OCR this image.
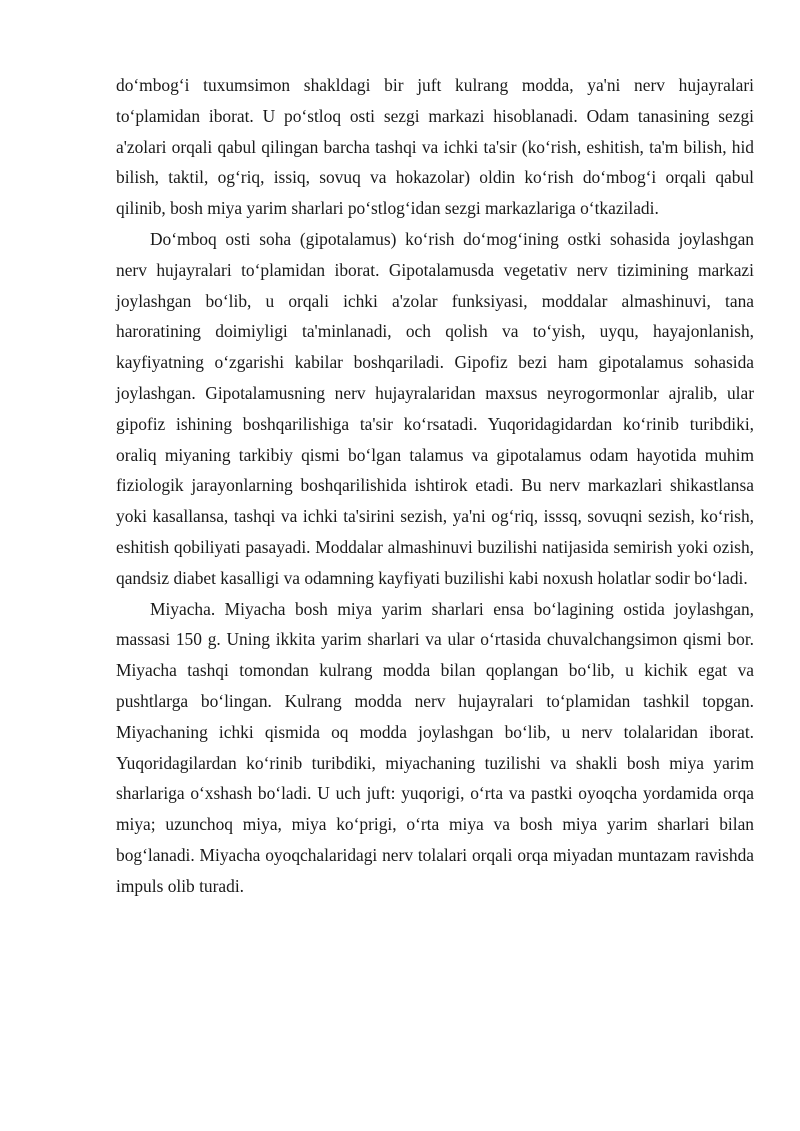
do‘mbog‘i tuxumsimon shakldagi bir juft kulrang modda, ya'ni nerv hujayralari to‘plamidan iborat. U po‘stloq osti sezgi markazi hisoblanadi. Odam tanasining sezgi a'zolari orqali qabul qilingan barcha tashqi va ichki ta'sir (ko‘rish, eshitish, ta'm bilish, hid bilish, taktil, og‘riq, issiq, sovuq va hokazolar) oldin ko‘rish do‘mbog‘i orqali qabul qilinib, bosh miya yarim sharlari po‘stlog‘idan sezgi markazlariga o‘tkaziladi.

Do‘mboq osti soha (gipotalamus) ko‘rish do‘mog‘ining ostki sohasida joylashgan nerv hujayralari to‘plamidan iborat. Gipotalamusda vegetativ nerv tizimining markazi joylashgan bo‘lib, u orqali ichki a'zolar funksiyasi, moddalar almashinuvi, tana haroratining doimiyligi ta'minlanadi, och qolish va to‘yish, uyqu, hayajonlanish, kayfiyatning o‘zgarishi kabilar boshqariladi. Gipofiz bezi ham gipotalamus sohasida joylashgan. Gipotalamusning nerv hujayralaridan maxsus neyrogormonlar ajralib, ular gipofiz ishining boshqarilishiga ta'sir ko‘rsatadi. Yuqoridagidardan ko‘rinib turibdiki, oraliq miyaning tarkibiy qismi bo‘lgan talamus va gipotalamus odam hayotida muhim fiziologik jarayonlarning boshqarilishida ishtirok etadi. Bu nerv markazlari shikastlansa yoki kasallansa, tashqi va ichki ta'sirini sezish, ya'ni og‘riq, isssq, sovuqni sezish, ko‘rish, eshitish qobiliyati pasayadi. Moddalar almashinuvi buzilishi natijasida semirish yoki ozish, qandsiz diabet kasalligi va odamning kayfiyati buzilishi kabi noxush holatlar sodir bo‘ladi.

Miyacha. Miyacha bosh miya yarim sharlari ensa bo‘lagining ostida joylashgan, massasi 150 g. Uning ikkita yarim sharlari va ular o‘rtasida chuvalchangsimon qismi bor. Miyacha tashqi tomondan kulrang modda bilan qoplangan bo‘lib, u kichik egat va pushtlarga bo‘lingan. Kulrang modda nerv hujayralari to‘plamidan tashkil topgan. Miyachaning ichki qismida oq modda joylashgan bo‘lib, u nerv tolalaridan iborat. Yuqoridagilardan ko‘rinib turibdiki, miyachaning tuzilishi va shakli bosh miya yarim sharlariga o‘xshash bo‘ladi. U uch juft: yuqorigi, o‘rta va pastki oyoqcha yordamida orqa miya; uzunchoq miya, miya ko‘prigi, o‘rta miya va bosh miya yarim sharlari bilan bog‘lanadi. Miyacha oyoqchalaridagi nerv tolalari orqali orqa miyadan muntazam ravishda impuls olib turadi.
